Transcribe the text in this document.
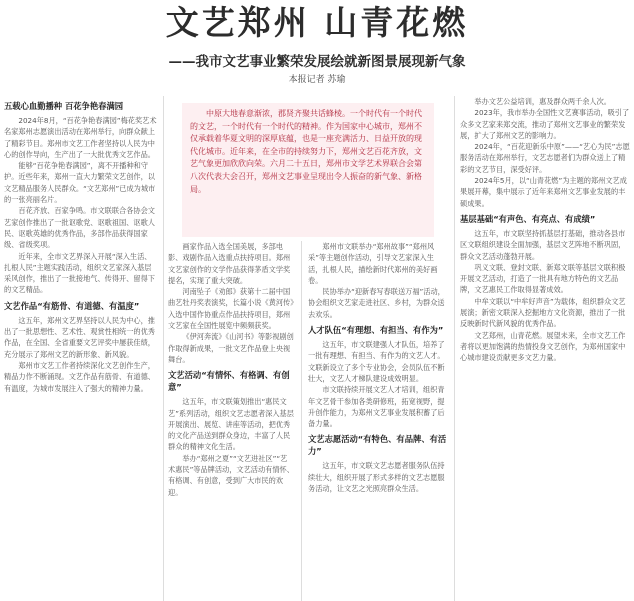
文艺郑州 山青花燃
——我市文艺事业繁荣发展绘就新图景展现新气象
本报记者 苏瑜
中原大地春意渐浓，郡贤齐聚共话蜂棱。一个时代有一个时代的文艺，一个时代有一个时代的精神。作为国家中心城市，郑州不仅承载着华夏文明的深厚底蕴，也是一座充满活力、日益开放的现代化城市。近年来，在全市的持续努力下，郑州文艺百花齐放，文艺气象更加欣欣向荣。六月二十五日，郑州市文学艺术界联合会第八次代表大会召开，郑州文艺事业呈现出令人振奋的新气象、新格局。
五载心血勤播种 百花争艳春满园

2024年8月，“百花争艳春满园”梅花奖艺术名家郑州志愿演出活动在郑州举行，向群众献上了精彩节目。郑州市文艺工作者坚持以人民为中心的创作导向，生产出了一大批优秀文艺作品。

能够“百花争艳春满园”，离不开播种和守护。近些年来，郑州一直大力繁荣文艺创作，以文艺精品服务人民群众。“文艺郑州”已成为城市的一张亮丽名片。

百花齐放、百家争鸣。市文联联合各协会文艺家创作推出了一批讴歌党、讴歌祖国、讴歌人民、讴歌英雄的优秀作品，多部作品获得国家级、省级奖项。

近年来，全市文艺界深入开展“深入生活、扎根人民”主题实践活动，组织文艺家深入基层采风创作，推出了一批接地气、传得开、留得下的文艺精品。

文艺作品“有筋骨、有道德、有温度”

这五年，郑州文艺界坚持以人民为中心，推出了一批思想性、艺术性、观赏性相统一的优秀作品，在全国、全省重要文艺评奖中屡获佳绩，充分展示了郑州文艺的新形象、新风貌。

郑州市文艺工作者持续深化文艺创作生产，精品力作不断涌现。文艺作品有筋骨、有道德、有温度，为城市发展注入了强大的精神力量。

画家作品入选全国美展，多部电影、戏剧作品入选重点扶持项目。郑州文艺家创作的文学作品获得茅盾文学奖提名，实现了重大突破。

河南坠子《劝郎》获第十二届中国曲艺牡丹奖表演奖，长篇小说《黄河传》入选中国作协重点作品扶持项目，郑州文艺家在全国性展览中频频获奖。

《伊河奔流》《山河书》等影视剧创作取得新成果，一批文艺作品登上央视舞台。

文艺活动“有情怀、有格调、有创意”

这五年，市文联策划推出“惠民文艺”系列活动，组织文艺志愿者深入基层开展演出、展览、讲座等活动，把优秀的文化产品送到群众身边，丰富了人民群众的精神文化生活。

举办“郑州之夏”“文艺进社区”“艺术惠民”等品牌活动，文艺活动有情怀、有格调、有创意，受到广大市民的欢迎。

郑州市文联举办“郑州故事”“郑州风采”等主题创作活动，引导文艺家深入生活，扎根人民，描绘新时代郑州的美好画卷。

民协举办“迎新春写春联送万福”活动，协会组织文艺家走进社区、乡村，为群众送去欢乐。

人才队伍“有理想、有担当、有作为”

这五年，市文联建强人才队伍，培养了一批有理想、有担当、有作为的文艺人才。文联新设立了多个专业协会，会员队伍不断壮大，文艺人才梯队建设成效明显。

市文联持续开展文艺人才培训，组织青年文艺骨干参加各类研修班，拓宽视野，提升创作能力，为郑州文艺事业发展积蓄了后备力量。

文艺志愿活动“有特色、有品牌、有活力”

这五年，市文联文艺志愿者服务队伍持续壮大，组织开展了形式多样的文艺志愿服务活动，让文艺之光照亮群众生活。

举办文艺公益培训，惠及群众两千余人次。

2023年，我市举办全国性文艺赛事活动，吸引了众多文艺家来郑交流，推动了郑州文艺事业的繁荣发展，扩大了郑州文艺的影响力。

2024年，“百花迎新乐中原”——“艺心为民”志愿服务活动在郑州举行，文艺志愿者们为群众送上了精彩的文艺节目，深受好评。

2024年5月，以“山青花燃”为主题的郑州文艺成果展开幕，集中展示了近年来郑州文艺事业发展的丰硕成果。

基层基础“有声色、有亮点、有成绩”

这五年，市文联坚持抓基层打基础，推动各县市区文联组织建设全面加强，基层文艺阵地不断巩固，群众文艺活动蓬勃开展。

巩义文联、登封文联、新郑文联等基层文联积极开展文艺活动，打造了一批具有地方特色的文艺品牌，文艺惠民工作取得显著成效。

中牟文联以“中牟好声音”为载体，组织群众文艺展演；新密文联深入挖掘地方文化资源，推出了一批反映新时代新风貌的优秀作品。

文艺郑州，山青花燃。展望未来，全市文艺工作者将以更加饱满的热情投身文艺创作，为郑州国家中心城市建设贡献更多文艺力量。
